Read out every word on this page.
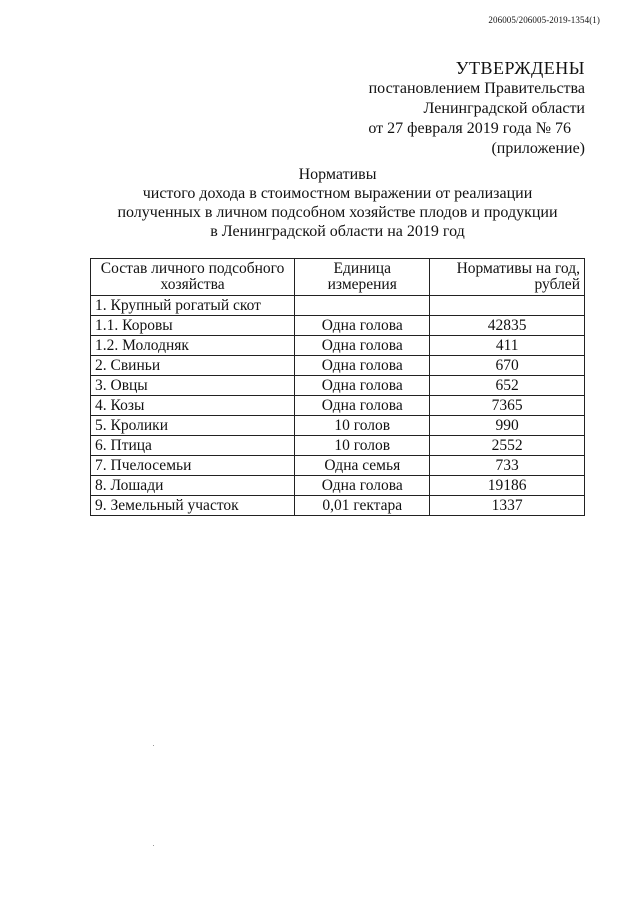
206005/206005-2019-1354(1)
УТВЕРЖДЕНЫ
постановлением Правительства
Ленинградской области
от 27 февраля 2019 года № 76
(приложение)
Нормативы
чистого дохода в стоимостном выражении от реализации
полученных в личном подсобном хозяйстве плодов и продукции
в Ленинградской области на 2019 год
Состав личного подсобного хозяйства	Единица измерения	Нормативы на год, рублей
1. Крупный рогатый скот		
1.1. Коровы	Одна голова	42835
1.2. Молодняк	Одна голова	411
2. Свиньи	Одна голова	670
3. Овцы	Одна голова	652
4. Козы	Одна голова	7365
5. Кролики	10 голов	990
6. Птица	10 голов	2552
7. Пчелосемьи	Одна семья	733
8. Лошади	Одна голова	19186
9. Земельный участок	0,01 гектара	1337
